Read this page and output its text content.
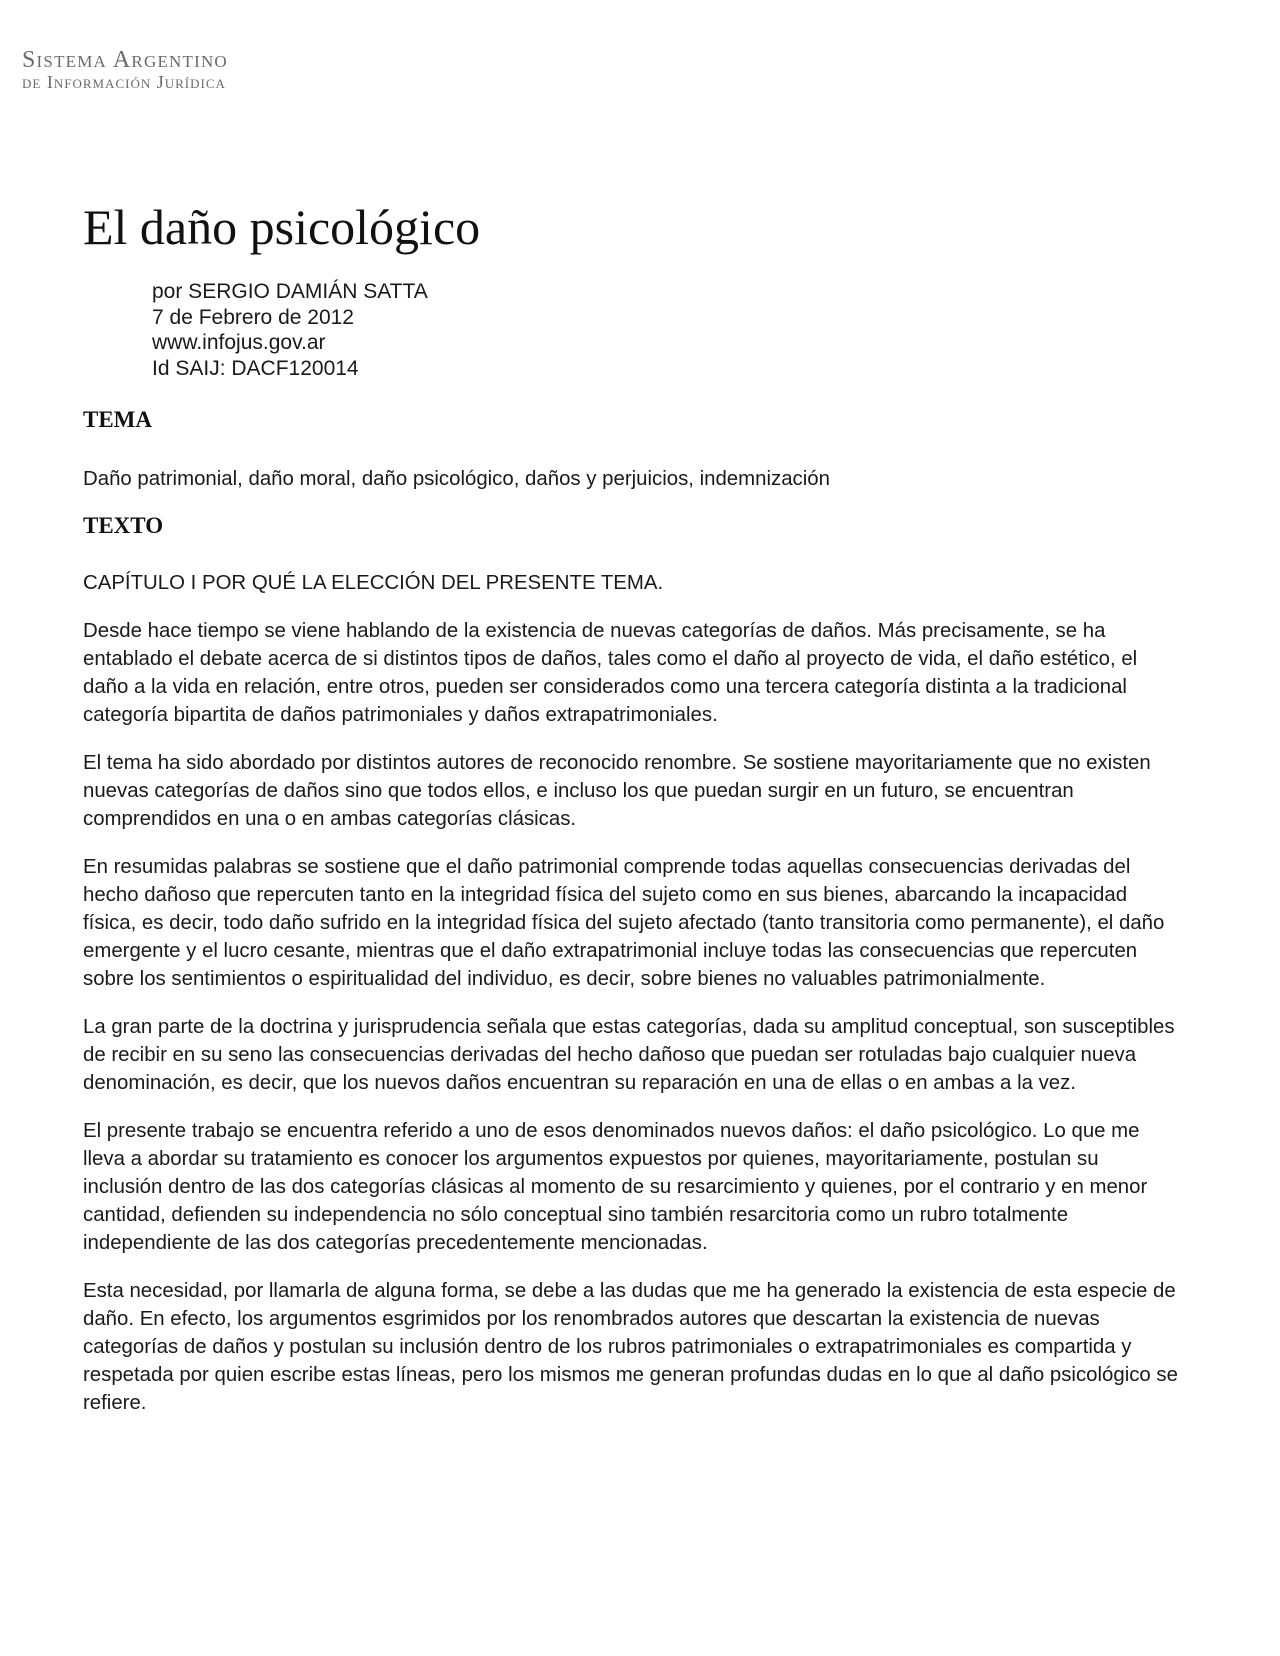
Sistema Argentino
de Información Jurídica
El daño psicológico
por SERGIO DAMIÁN SATTA
7 de Febrero de 2012
www.infojus.gov.ar
Id SAIJ: DACF120014
TEMA

Daño patrimonial, daño moral, daño psicológico, daños y perjuicios, indemnización

TEXTO

CAPÍTULO I POR QUÉ LA ELECCIÓN DEL PRESENTE TEMA.

Desde hace tiempo se viene hablando de la existencia de nuevas categorías de daños. Más precisamente, se ha entablado el debate acerca de si distintos tipos de daños, tales como el daño al proyecto de vida, el daño estético, el daño a la vida en relación, entre otros, pueden ser considerados como una tercera categoría distinta a la tradicional categoría bipartita de daños patrimoniales y daños extrapatrimoniales.

El tema ha sido abordado por distintos autores de reconocido renombre. Se sostiene mayoritariamente que no existen nuevas categorías de daños sino que todos ellos, e incluso los que puedan surgir en un futuro, se encuentran comprendidos en una o en ambas categorías clásicas.

En resumidas palabras se sostiene que el daño patrimonial comprende todas aquellas consecuencias derivadas del hecho dañoso que repercuten tanto en la integridad física del sujeto como en sus bienes, abarcando la incapacidad física, es decir, todo daño sufrido en la integridad física del sujeto afectado (tanto transitoria como permanente), el daño emergente y el lucro cesante, mientras que el daño extrapatrimonial incluye todas las consecuencias que repercuten sobre los sentimientos o espiritualidad del individuo, es decir, sobre bienes no valuables patrimonialmente.

La gran parte de la doctrina y jurisprudencia señala que estas categorías, dada su amplitud conceptual, son susceptibles de recibir en su seno las consecuencias derivadas del hecho dañoso que puedan ser rotuladas bajo cualquier nueva denominación, es decir, que los nuevos daños encuentran su reparación en una de ellas o en ambas a la vez.

El presente trabajo se encuentra referido a uno de esos denominados nuevos daños: el daño psicológico. Lo que me lleva a abordar su tratamiento es conocer los argumentos expuestos por quienes, mayoritariamente, postulan su inclusión dentro de las dos categorías clásicas al momento de su resarcimiento y quienes, por el contrario y en menor cantidad, defienden su independencia no sólo conceptual sino también resarcitoria como un rubro totalmente independiente de las dos categorías precedentemente mencionadas.

Esta necesidad, por llamarla de alguna forma, se debe a las dudas que me ha generado la existencia de esta especie de daño. En efecto, los argumentos esgrimidos por los renombrados autores que descartan la existencia de nuevas categorías de daños y postulan su inclusión dentro de los rubros patrimoniales o extrapatrimoniales es compartida y respetada por quien escribe estas líneas, pero los mismos me generan profundas dudas en lo que al daño psicológico se refiere.
